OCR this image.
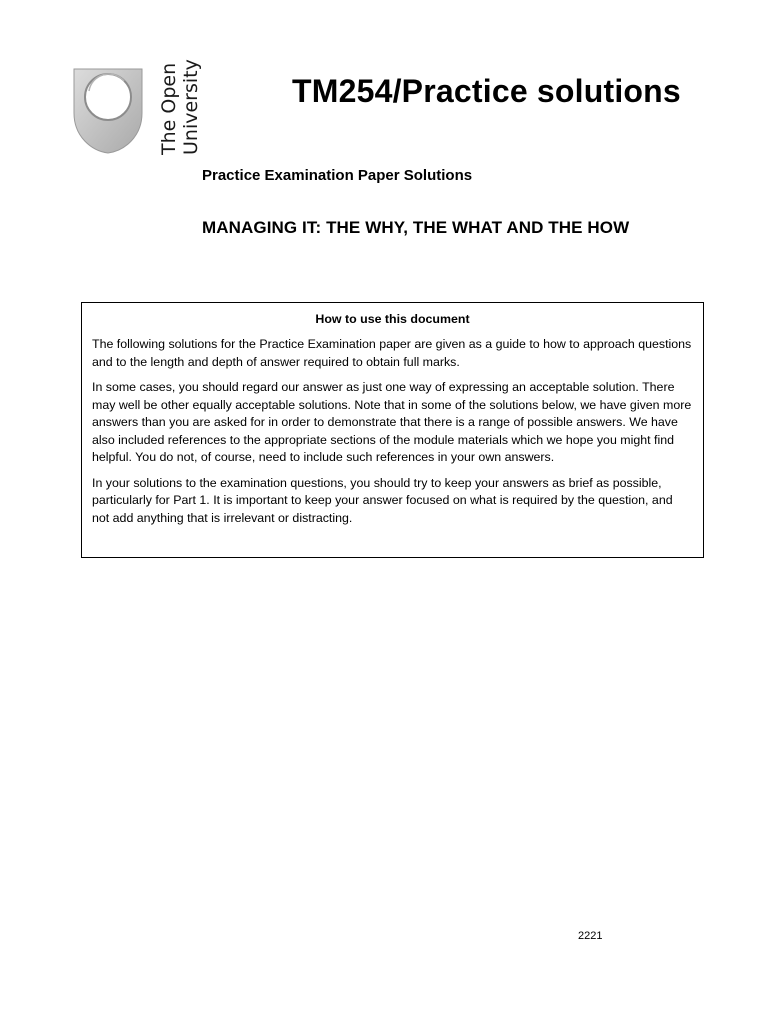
The Open University	TM254/Practice solutions
Practice Examination Paper Solutions
MANAGING IT: THE WHY, THE WHAT AND THE HOW
How to use this document

The following solutions for the Practice Examination paper are given as a guide to how to approach questions and to the length and depth of answer required to obtain full marks.

In some cases, you should regard our answer as just one way of expressing an acceptable solution. There may well be other equally acceptable solutions. Note that in some of the solutions below, we have given more answers than you are asked for in order to demonstrate that there is a range of possible answers. We have also included references to the appropriate sections of the module materials which we hope you might find helpful. You do not, of course, need to include such references in your own answers.

In your solutions to the examination questions, you should try to keep your answers as brief as possible, particularly for Part 1. It is important to keep your answer focused on what is required by the question, and not add anything that is irrelevant or distracting.

2221
